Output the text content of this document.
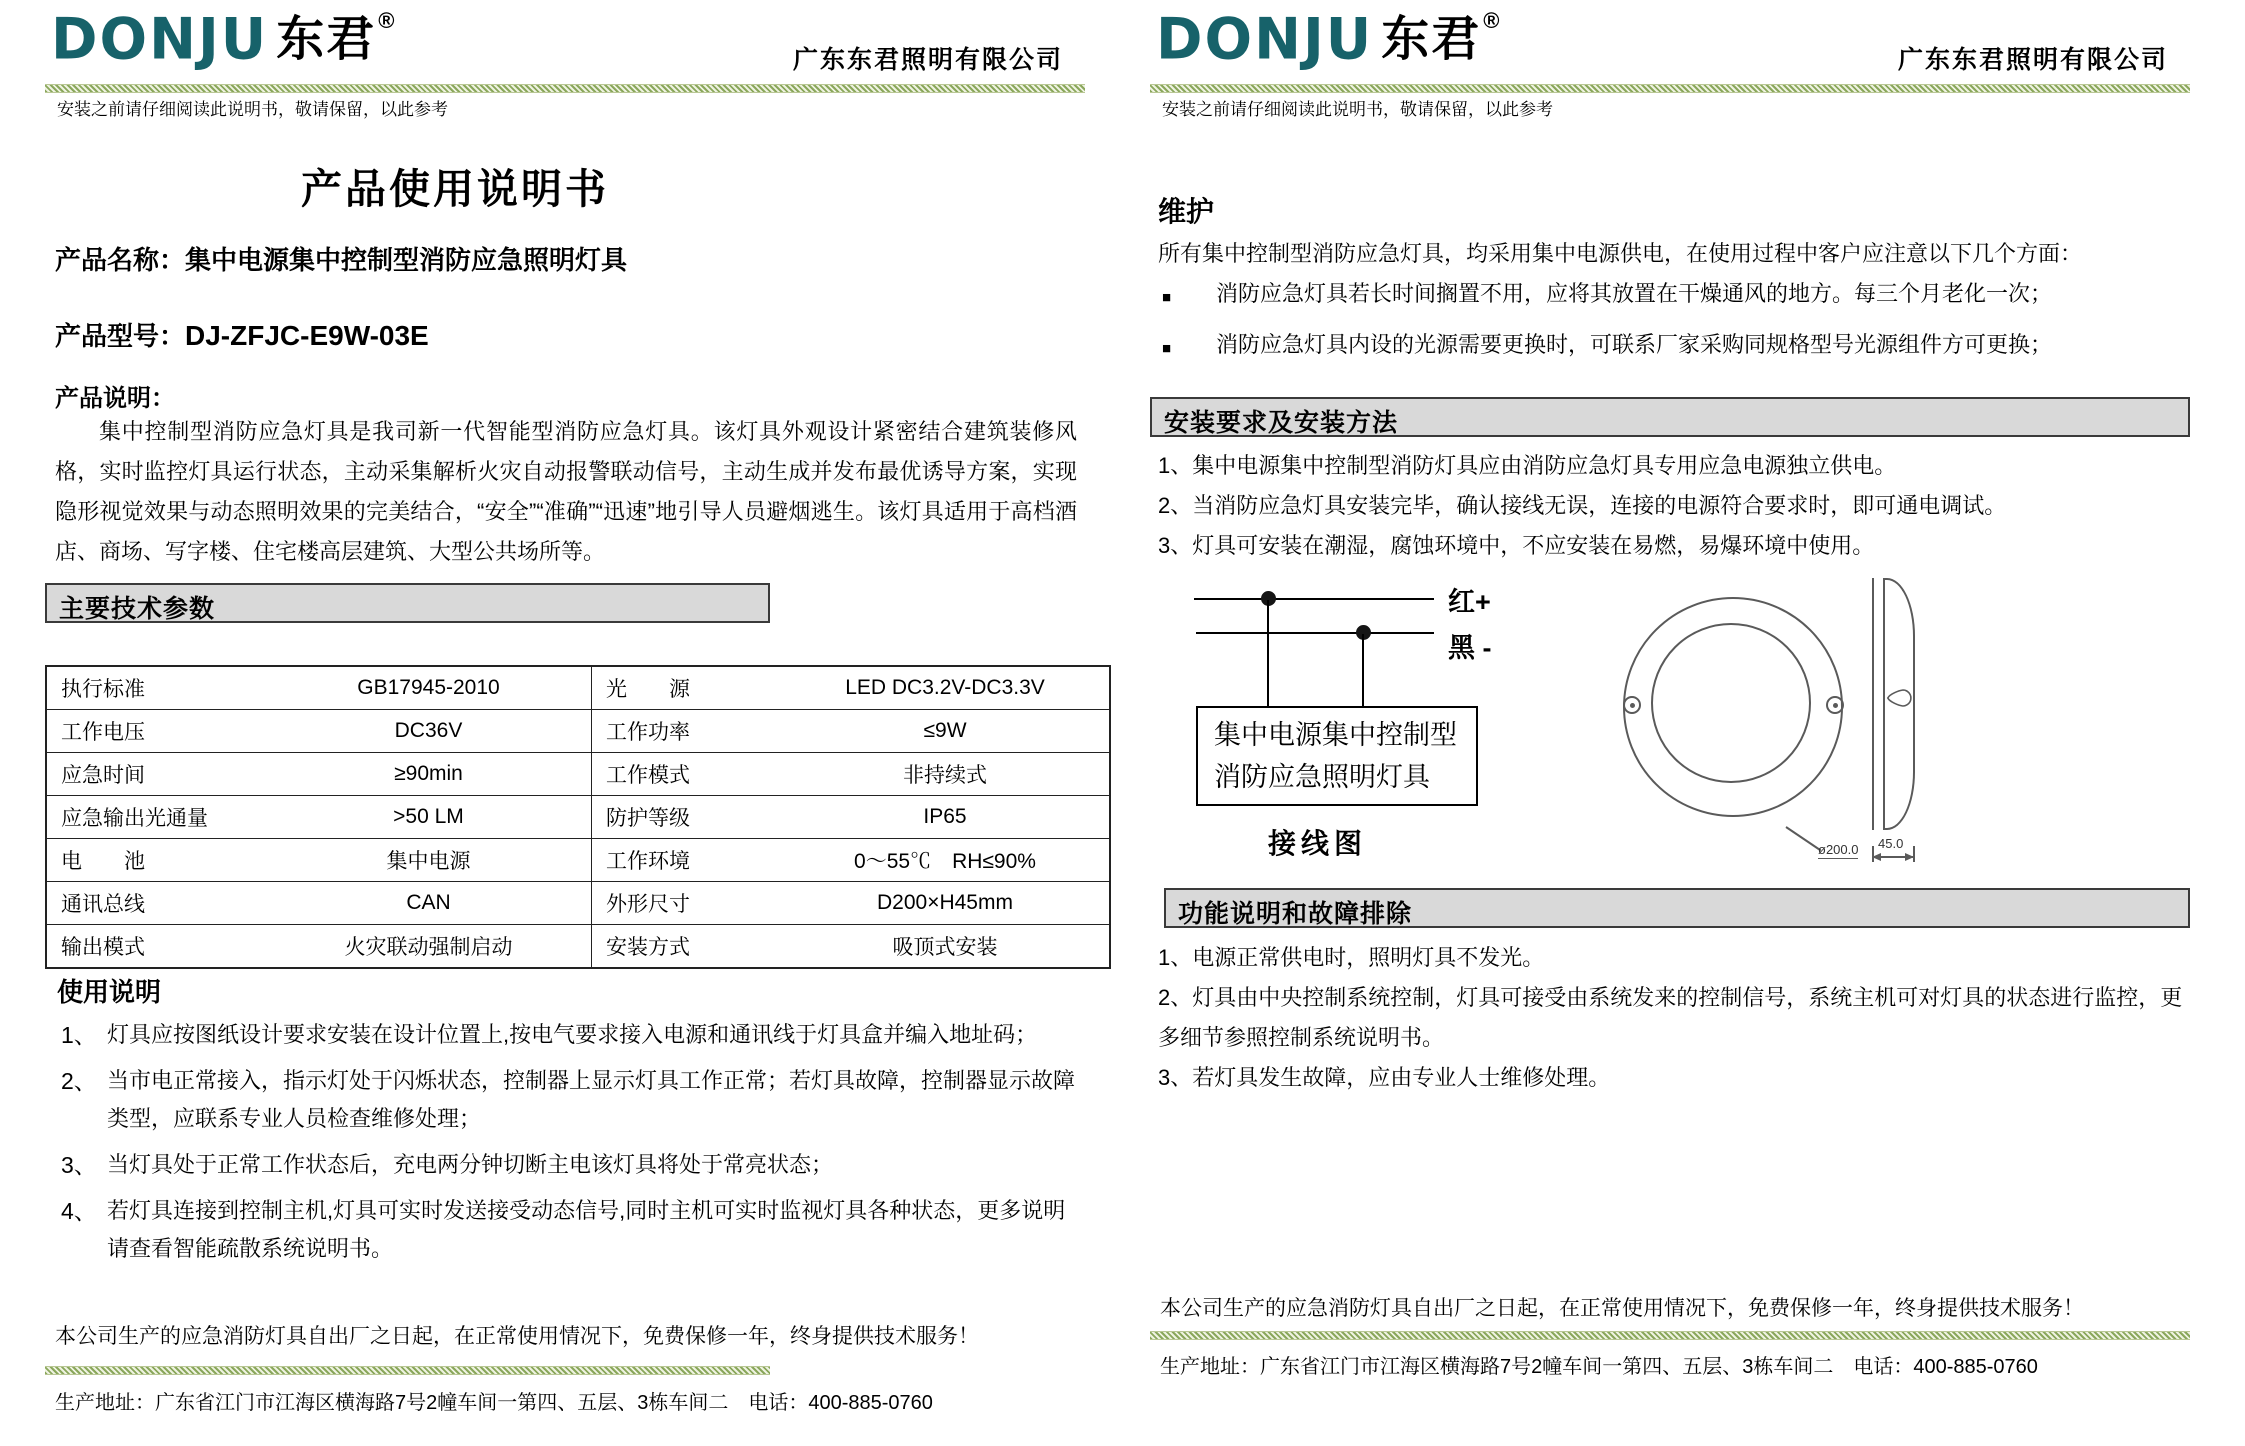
DONJU 东君 ®
广东东君照明有限公司
安装之前请仔细阅读此说明书，敬请保留，以此参考
产品使用说明书
产品名称：集中电源集中控制型消防应急照明灯具
产品型号：DJ-ZFJC-E9W-03E
产品说明：
集中控制型消防应急灯具是我司新一代智能型消防应急灯具。该灯具外观设计紧密结合建筑装修风格，实时监控灯具运行状态，主动采集解析火灾自动报警联动信号，主动生成并发布最优诱导方案，实现隐形视觉效果与动态照明效果的完美结合，“安全”“准确”“迅速”地引导人员避烟逃生。该灯具适用于高档酒店、商场、写字楼、住宅楼高层建筑、大型公共场所等。
主要技术参数
执行标准	GB17945-2010	光　　源	LED DC3.2V-DC3.3V
工作电压	DC36V	工作功率	≤9W
应急时间	≥90min	工作模式	非持续式
应急输出光通量	>50 LM	防护等级	IP65
电　　池	集中电源	工作环境	0～55℃　RH≤90%
通讯总线	CAN	外形尺寸	D200×H45mm
输出模式	火灾联动强制启动	安装方式	吸顶式安装
使用说明
1、 灯具应按图纸设计要求安装在设计位置上,按电气要求接入电源和通讯线于灯具盒并编入地址码；
2、 当市电正常接入，指示灯处于闪烁状态，控制器上显示灯具工作正常；若灯具故障，控制器显示故障类型，应联系专业人员检查维修处理；
3、 当灯具处于正常工作状态后，充电两分钟切断主电该灯具将处于常亮状态；
4、 若灯具连接到控制主机,灯具可实时发送接受动态信号,同时主机可实时监视灯具各种状态，更多说明请查看智能疏散系统说明书。
本公司生产的应急消防灯具自出厂之日起，在正常使用情况下，免费保修一年，终身提供技术服务！
生产地址：广东省江门市江海区横海路7号2幢车间一第四、五层、3栋车间二　电话：400-885-0760
DONJU 东君 ®
广东东君照明有限公司
安装之前请仔细阅读此说明书，敬请保留，以此参考
维护
所有集中控制型消防应急灯具，均采用集中电源供电，在使用过程中客户应注意以下几个方面：
■	消防应急灯具若长时间搁置不用，应将其放置在干燥通风的地方。每三个月老化一次；
■	消防应急灯具内设的光源需要更换时，可联系厂家采购同规格型号光源组件方可更换；
安装要求及安装方法
1、集中电源集中控制型消防灯具应由消防应急灯具专用应急电源独立供电。
2、当消防应急灯具安装完毕，确认接线无误，连接的电源符合要求时，即可通电调试。
3、灯具可安装在潮湿，腐蚀环境中，不应安装在易燃，易爆环境中使用。
集中电源集中控制型
消防应急照明灯具
红+
黑 -
接线图	ø200.0 45.0
功能说明和故障排除
1、电源正常供电时，照明灯具不发光。
2、灯具由中央控制系统控制，灯具可接受由系统发来的控制信号，系统主机可对灯具的状态进行监控，更多细节参照控制系统说明书。
3、若灯具发生故障，应由专业人士维修处理。
本公司生产的应急消防灯具自出厂之日起，在正常使用情况下，免费保修一年，终身提供技术服务！
生产地址：广东省江门市江海区横海路7号2幢车间一第四、五层、3栋车间二　电话：400-885-0760
